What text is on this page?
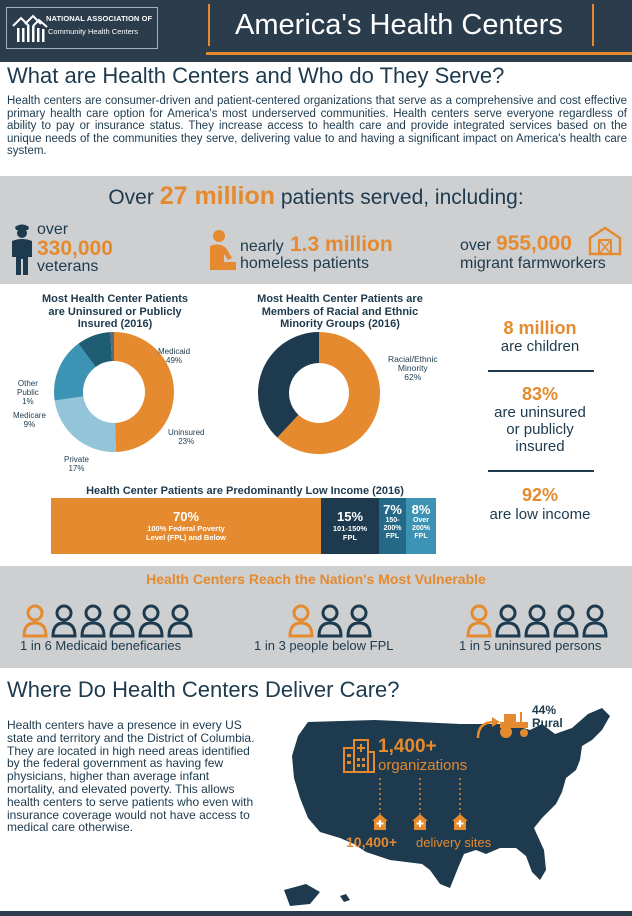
NATIONAL ASSOCIATION OF
Community Health Centers	America's Health Centers
What are Health Centers and Who do They Serve?
Health centers are consumer-driven and patient-centered organizations that serve as a comprehensive and cost effective primary health care option for America's most underserved communities. Health centers serve everyone regardless of ability to pay or insurance status. They increase access to health care and provide integrated services based on the unique needs of the communities they serve, delivering value to and having a significant impact on America's health care system.
Over 27 million patients served, including:
over
330,000
veterans
nearly 1.3 million
homeless patients
over 955,000
migrant farmworkers
Most Health Center Patients
are Uninsured or Publicly
Insured (2016)
Medicaid
49%
Uninsured
23%
Private
17%
Medicare
9%
Other
Public
1%
Most Health Center Patients are
Members of Racial and Ethnic
Minority Groups (2016)
Racial/Ethnic
Minority
62%
8 million
are children
83%
are uninsured
or publicly
insured
92%
are low income
Health Center Patients are Predominantly Low Income (2016)
70%
100% Federal Poverty
Level (FPL) and Below
15%
101-150%
FPL
7%
150-
200%
FPL
8%
Over
200%
FPL
Health Centers Reach the Nation's Most Vulnerable
1 in 6 Medicaid beneficaries	1 in 3 people below FPL	1 in 5 uninsured persons
Where Do Health Centers Deliver Care?
Health centers have a presence in every US state and territory and the District of Columbia. They are located in high need areas identified by the federal government as having few physicians, higher than average infant mortality, and elevated poverty. This allows health centers to serve patients who even with insurance coverage would not have access to medical care otherwise.
44%
Rural
1,400+
organizations
10,400+ delivery sites
